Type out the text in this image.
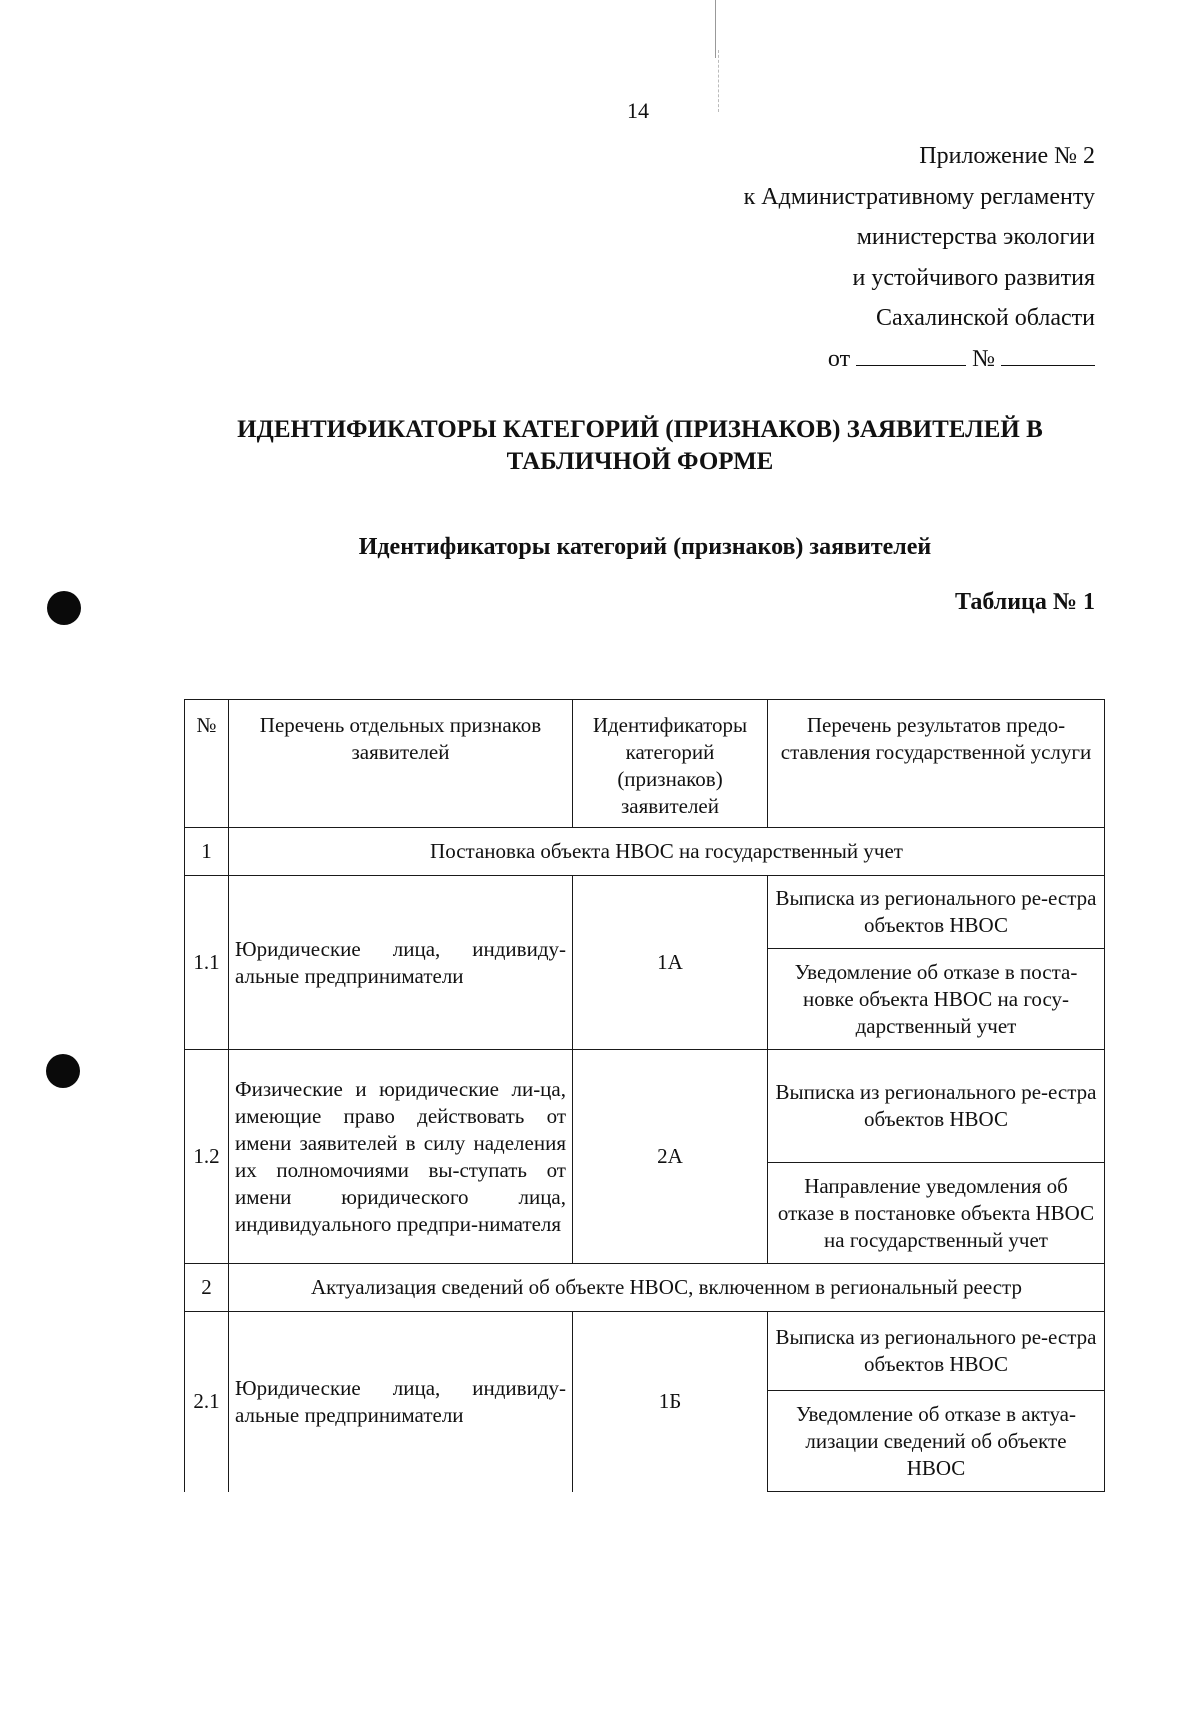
14
Приложение № 2
к Административному регламенту
министерства экологии
и устойчивого развития
Сахалинской области
от	№
ИДЕНТИФИКАТОРЫ КАТЕГОРИЙ (ПРИЗНАКОВ) ЗАЯВИТЕЛЕЙ В
ТАБЛИЧНОЙ ФОРМЕ
Идентификаторы категорий (признаков) заявителей
Таблица № 1
№	Перечень отдельных признаков заявителей	Идентификаторы категорий (признаков) заявителей	Перечень результатов предо-ставления государственной услуги
1	Постановка объекта НВОС на государственный учет		
1.1	Юридические лица, индивиду-альные предприниматели	1А	Выписка из регионального ре-естра объектов НВОС
			Уведомление об отказе в поста-новке объекта НВОС на госу-дарственный учет
1.2	Физические и юридические ли-ца, имеющие право действовать от имени заявителей в силу наделения их полномочиями вы-ступать от имени юридического лица, индивидуального предпри-нимателя	2А	Выписка из регионального ре-естра объектов НВОС
			Направление уведомления об отказе в постановке объекта НВОС на государственный учет
2	Актуализация сведений об объекте НВОС, включенном в региональный реестр		
2.1	Юридические лица, индивиду-альные предприниматели	1Б	Выписка из регионального ре-естра объектов НВОС
			Уведомление об отказе в актуа-лизации сведений об объекте НВОС
